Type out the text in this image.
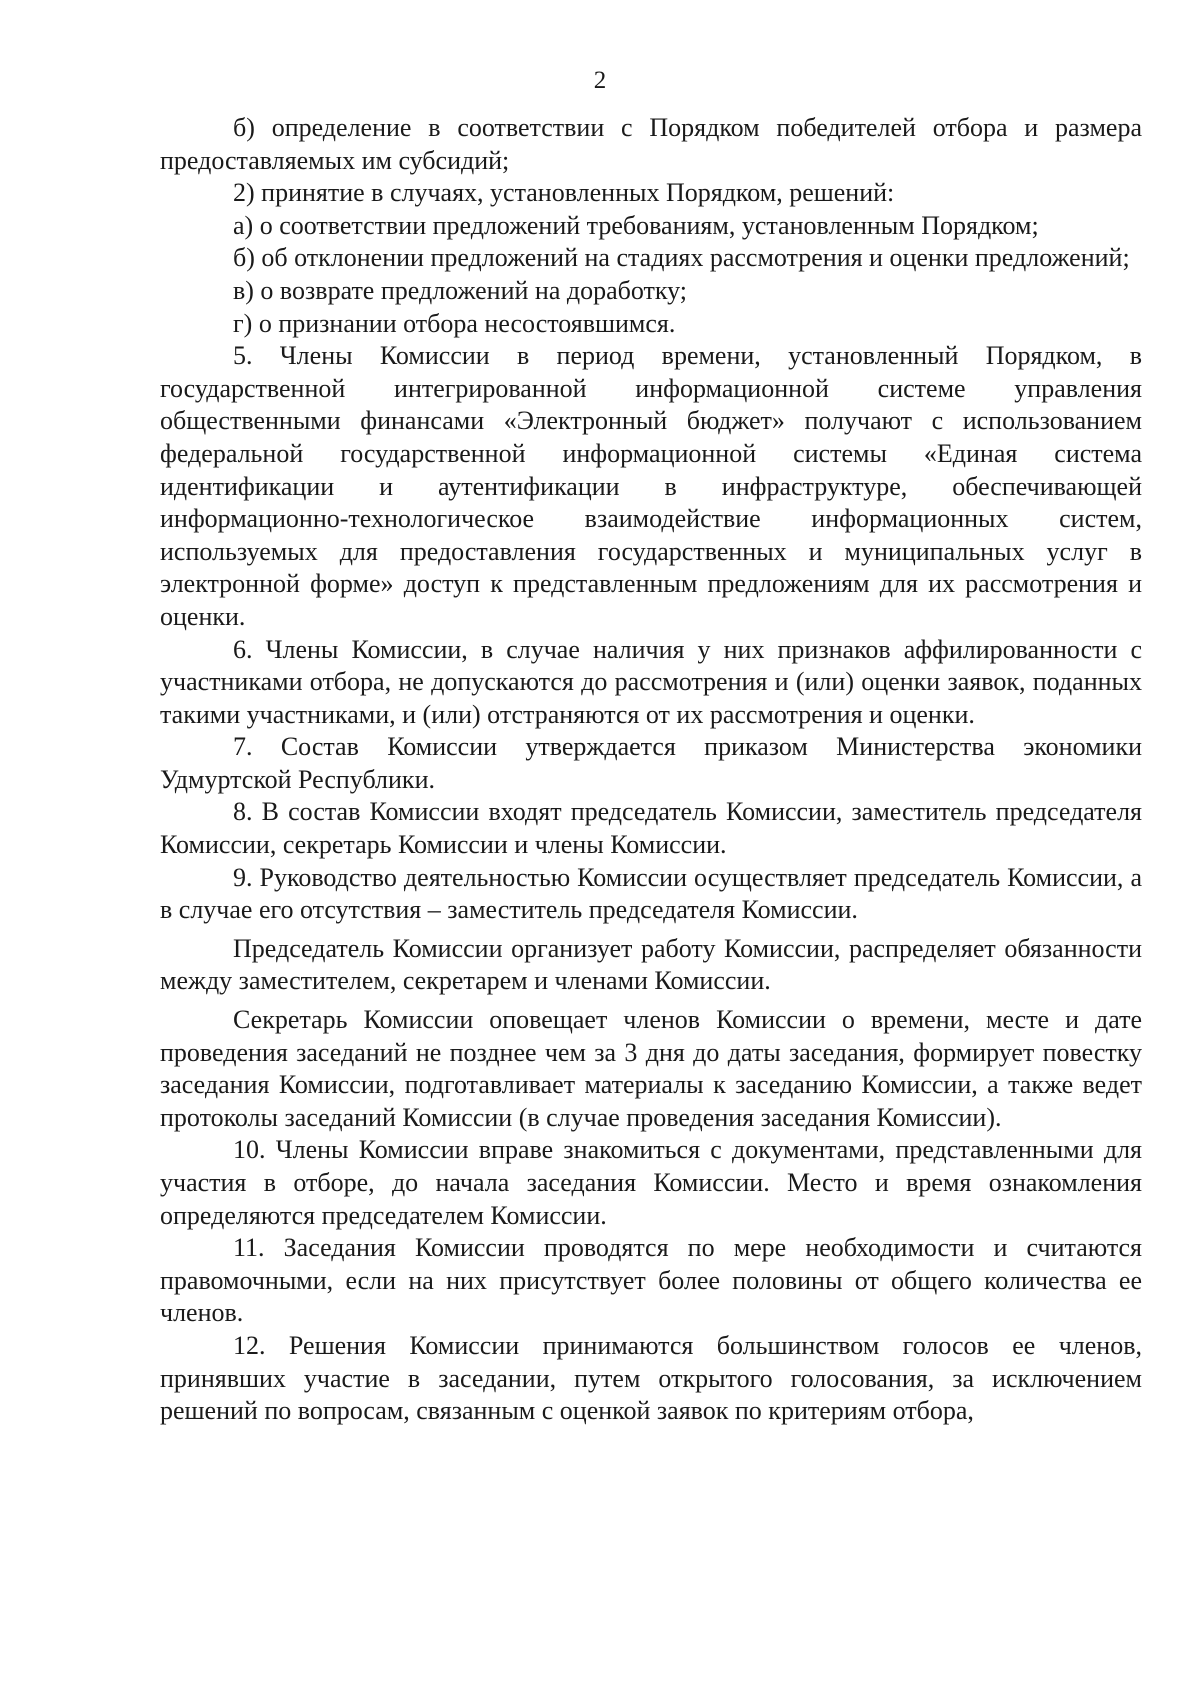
2

б) определение в соответствии с Порядком победителей отбора и размера предоставляемых им субсидий;

2) принятие в случаях, установленных Порядком, решений:

а) о соответствии предложений требованиям, установленным Порядком;

б) об отклонении предложений на стадиях рассмотрения и оценки предложений;

в) о возврате предложений на доработку;

г) о признании отбора несостоявшимся.

5. Члены Комиссии в период времени, установленный Порядком, в государственной интегрированной информационной системе управления общественными финансами «Электронный бюджет» получают с использованием федеральной государственной информационной системы «Единая система идентификации и аутентификации в инфраструктуре, обеспечивающей информационно-технологическое взаимодействие информационных систем, используемых для предоставления государственных и муниципальных услуг в электронной форме» доступ к представленным предложениям для их рассмотрения и оценки.

6. Члены Комиссии, в случае наличия у них признаков аффилированности с участниками отбора, не допускаются до рассмотрения и (или) оценки заявок, поданных такими участниками, и (или) отстраняются от их рассмотрения и оценки.

7. Состав Комиссии утверждается приказом Министерства экономики Удмуртской Республики.

8. В состав Комиссии входят председатель Комиссии, заместитель председателя Комиссии, секретарь Комиссии и члены Комиссии.

9. Руководство деятельностью Комиссии осуществляет председатель Комиссии, а в случае его отсутствия – заместитель председателя Комиссии.

Председатель Комиссии организует работу Комиссии, распределяет обязанности между заместителем, секретарем и членами Комиссии.

Секретарь Комиссии оповещает членов Комиссии о времени, месте и дате проведения заседаний не позднее чем за 3 дня до даты заседания, формирует повестку заседания Комиссии, подготавливает материалы к заседанию Комиссии, а также ведет протоколы заседаний Комиссии (в случае проведения заседания Комиссии).

10. Члены Комиссии вправе знакомиться с документами, представленными для участия в отборе, до начала заседания Комиссии. Место и время ознакомления определяются председателем Комиссии.

11. Заседания Комиссии проводятся по мере необходимости и считаются правомочными, если на них присутствует более половины от общего количества ее членов.

12. Решения Комиссии принимаются большинством голосов ее членов, принявших участие в заседании, путем открытого голосования, за исключением решений по вопросам, связанным с оценкой заявок по критериям отбора,
